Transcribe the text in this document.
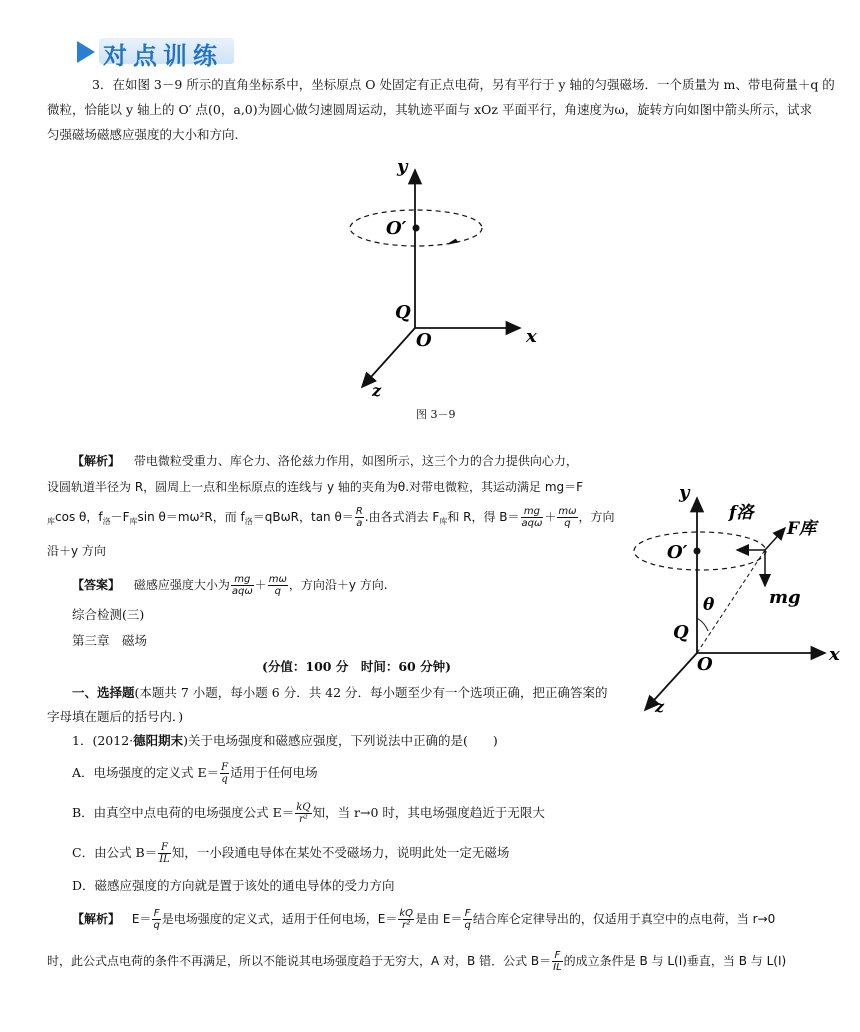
对点训练
3．在如图 3－9 所示的直角坐标系中，坐标原点 O 处固定有正点电荷，另有平行于 y 轴的匀强磁场．一个质量为 m、带电荷量＋q 的
微粒，恰能以 y 轴上的 O′ 点(0，a,0)为圆心做匀速圆周运动，其轨迹平面与 xOz 平面平行，角速度为ω，旋转方向如图中箭头所示，试求
匀强磁场磁感应强度的大小和方向.
y
O′
Q
O	x
z
图 3－9
【解析】 带电微粒受重力、库仑力、洛伦兹力作用，如图所示，这三个力的合力提供向心力，
设圆轨道半径为 R，圆周上一点和坐标原点的连线与 y 轴的夹角为θ.对带电微粒，其运动满足 mg＝F
$_库$cos θ，$f_洛-F_库\sin$ θ＝mω²R，而 $f_洛=qB\omega R$，$\tan \theta= \frac{R}{a}$ .由各式消去 $F_库$和 R，得 $B= \frac{mg}{\text{aqω}} + \frac{m\omega}{q}$ ，方向
沿＋y 方向
【答案】 磁感应强度大小为 $\frac{mg}{\text{aqω}} + \frac{m\omega}{q}$ ，方向沿＋y 方向.
y
f洛
F库
O′
mg
θ
Q
O	x
z
综合检测(三)
第三章　磁场
(分值：100 分　时间：60 分钟)
一、选择题(本题共 7 小题，每小题 6 分．共 42 分．每小题至少有一个选项正确，把正确答案的
字母填在题后的括号内．)
1．(2012·德阳期末)关于电场强度和磁感应强度，下列说法中正确的是(　　)
A．电场强度的定义式 $E= \frac{F}{q}$ 适用于任何电场
B．由真空中点电荷的电场强度公式 $E= \frac{kQ}{\text{r²}}$ 知，当 r→0 时，其电场强度趋近于无限大
C．由公式 $B= \frac{F}{IL}$ 知，一小段通电导体在某处不受磁场力，说明此处一定无磁场
D．磁感应强度的方向就是置于该处的通电导体的受力方向
【解析】 $E= \frac{F}{q}$ 是电场强度的定义式，适用于任何电场，$E= \frac{kQ}{\text{r²}}$ 是由 $E= \frac{F}{q}$ 结合库仑定律导出的，仅适用于真空中的点电荷，当 r→0
时，此公式点电荷的条件不再满足，所以不能说其电场强度趋于无穷大，A 对，B 错．公式 $B= \frac{F}{IL}$ 的成立条件是 B 与 L(I)垂直，当 B 与 L(I)
